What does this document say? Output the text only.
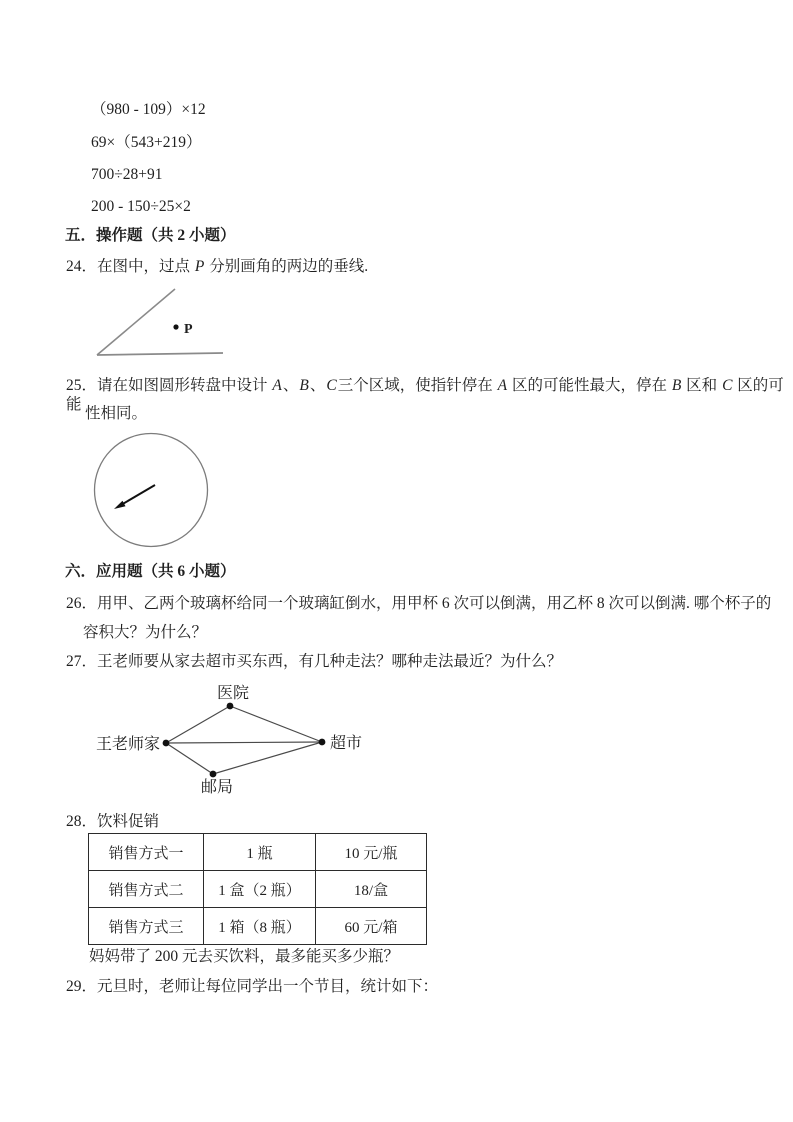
（980 - 109）×12
69×（543+219）
700÷28+91
200 - 150÷25×2
五．操作题（共 2 小题）
24．在图中，过点 P 分别画角的两边的垂线.
P
25．请在如图圆形转盘中设计 A、B、C三个区域，使指针停在 A 区的可能性最大，停在 B 区和 C 区的可能
性相同。
六．应用题（共 6 小题）
26．用甲、乙两个玻璃杯给同一个玻璃缸倒水，用甲杯 6 次可以倒满，用乙杯 8 次可以倒满. 哪个杯子的
容积大？为什么？
27．王老师要从家去超市买东西，有几种走法？哪种走法最近？为什么？
医院
王老师家	超市
邮局
28．饮料促销
销售方式一	1 瓶	10 元/瓶
销售方式二	1 盒（2 瓶）	18/盒
销售方式三	1 箱（8 瓶）	60 元/箱
妈妈带了 200 元去买饮料，最多能买多少瓶？
29．元旦时，老师让每位同学出一个节目，统计如下：
